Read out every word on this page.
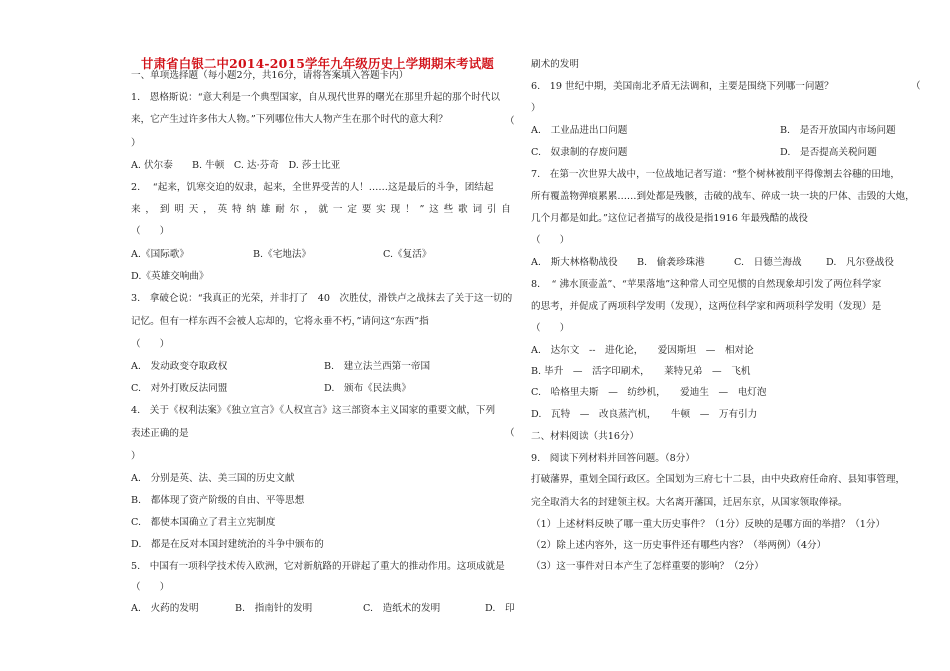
甘肃省白银二中2014-2015学年九年级历史上学期期末考试题
一、单项选择题（每小题2分，共16分，请将答案填入答题卡内）
1.　恩格斯说：“意大利是一个典型国家，自从现代世界的曙光在那里升起的那个时代以
来，它产生过许多伟大人物。”下列哪位伟大人物产生在那个时代的意大利？	（
）
A. 伏尔泰　　B. 牛顿　C. 达·芬奇　D. 莎士比亚
2.　 “起来，饥寒交迫的奴隶，起来，全世界受苦的人！……这是最后的斗争，团结起
来 ， 到 明 天 ， 英 特 纳 雄 耐 尔 ， 就 一 定 要 实 现 ！ ” 这 些 歌 词 引 自
（　　）
A.《国际歌》	B.《宅地法》	C.《复活》
D.《英雄交响曲》
3.　拿破仑说：“我真正的光荣，并非打了　40　次胜仗，滑铁卢之战抹去了关于这一切的
记忆。但有一样东西不会被人忘却的，它将永垂不朽，”请问这“东西”指
（　　）
A.　发动政变夺取政权	B.　建立法兰西第一帝国
C.　对外打败反法同盟	D.　颁布《民法典》
4.　关于《权利法案》《独立宣言》《人权宣言》这三部资本主义国家的重要文献，下列
表述正确的是	（
）
A.　分别是英、法、美三国的历史文献
B.　都体现了资产阶级的自由、平等思想
C.　都使本国确立了君主立宪制度
D.　都是在反对本国封建统治的斗争中颁布的
5.　中国有一项科学技术传入欧洲，它对新航路的开辟起了重大的推动作用。这项成就是
（　　）
A.　火药的发明	B.　指南针的发明	C.　造纸术的发明	D.　印
刷术的发明
6.　19 世纪中期，美国南北矛盾无法调和，主要是围绕下列哪一问题？	（
）
A.　工业品进出口问题	B.　是否开放国内市场问题
C.　奴隶制的存废问题	D.　是否提高关税问题
7.　在第一次世界大战中，一位战地记者写道：“整个树林被削平得像割去谷穗的田地，
所有覆盖物弹痕累累……到处都是残骸，击破的战车、碎成一块一块的尸体、击毁的大炮，
几个月都是如此。”这位记者描写的战役是指1916 年最残酷的战役
（　　）
A.　斯大林格勒战役 B.　偷袭珍珠港	C.　日德兰海战	D.　凡尔登战役
8．　“ 沸水顶壶盖”、“苹果落地”这种常人司空见惯的自然现象却引发了两位科学家
的思考，并促成了两项科学发明（发现），这两位科学家和两项科学发明（发现）是
（　　）
A.　达尔文　--　进化论，　　爱因斯坦　—　相对论
B. 毕升　—　活字印刷术，　　莱特兄弟　—　飞机
C.　哈格里夫斯　—　纺纱机，　　爱迪生　—　电灯泡
D.　瓦特　—　改良蒸汽机，　　牛顿　—　万有引力
二、材料阅读（共16分）
9.　阅读下列材料并回答问题。（8分）
打破藩界，重划全国行政区。全国划为三府七十二县，由中央政府任命府、县知事管理，
完全取消大名的封建领主权。大名离开藩国，迁居东京，从国家领取俸禄。
（1）上述材料反映了哪一重大历史事件？（1分）反映的是哪方面的举措？（1分）
（2）除上述内容外，这一历史事件还有哪些内容？（举两例）（4分）
（3）这一事件对日本产生了怎样重要的影响？（2分）
